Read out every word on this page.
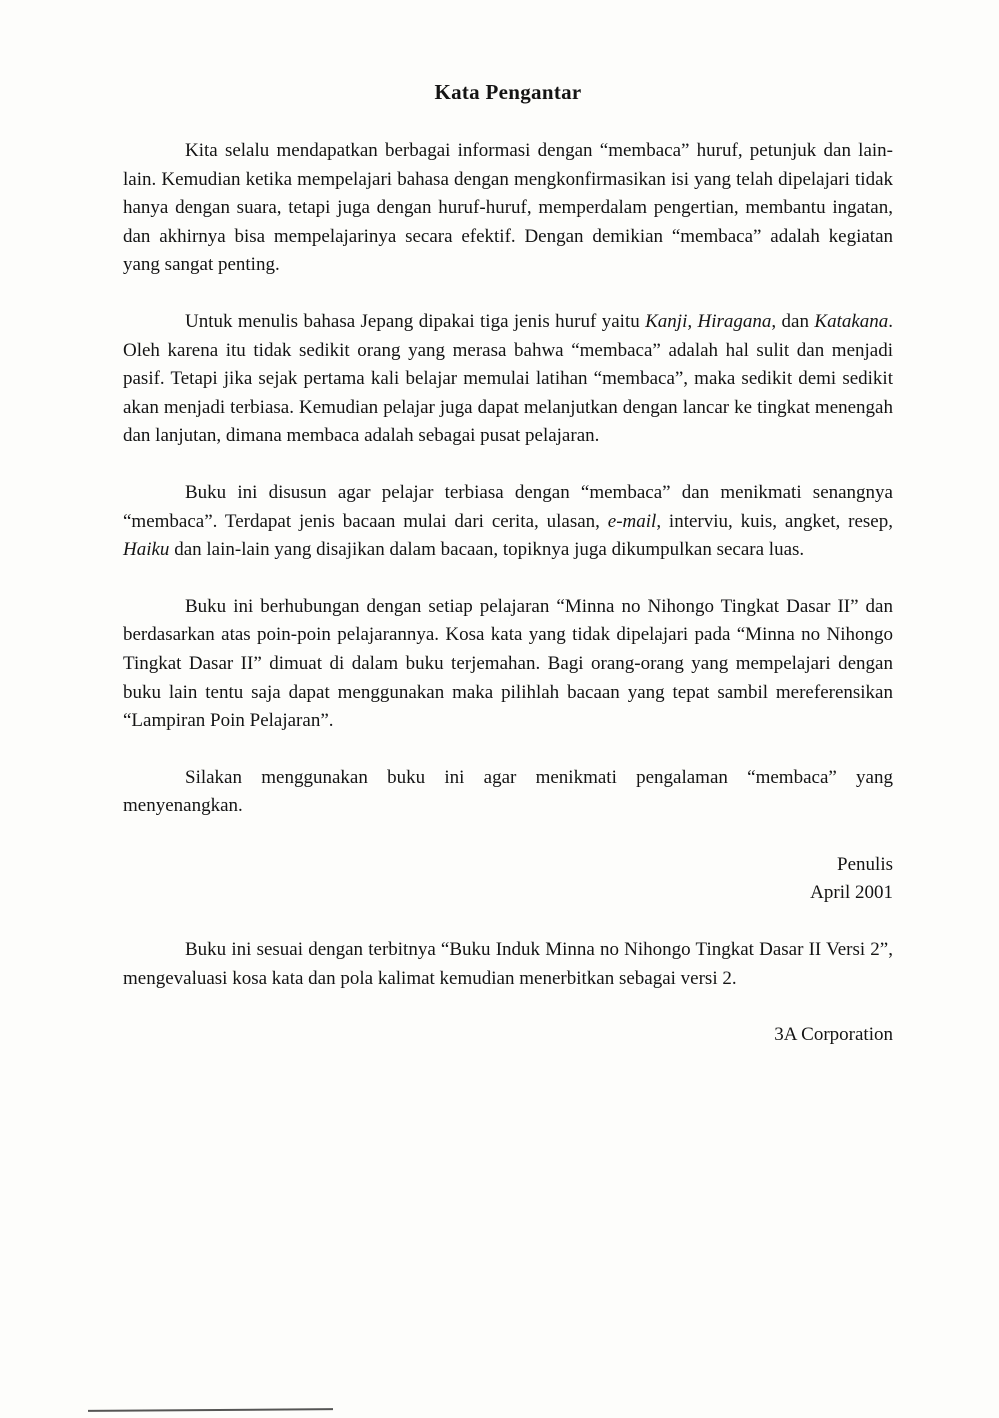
Kata Pengantar

Kita selalu mendapatkan berbagai informasi dengan “membaca” huruf, petunjuk dan lain-lain. Kemudian ketika mempelajari bahasa dengan mengkonfirmasikan isi yang telah dipelajari tidak hanya dengan suara, tetapi juga dengan huruf-huruf, memperdalam pengertian, membantu ingatan, dan akhirnya bisa mempelajarinya secara efektif. Dengan demikian “membaca” adalah kegiatan yang sangat penting.

Untuk menulis bahasa Jepang dipakai tiga jenis huruf yaitu Kanji, Hiragana, dan Katakana. Oleh karena itu tidak sedikit orang yang merasa bahwa “membaca” adalah hal sulit dan menjadi pasif. Tetapi jika sejak pertama kali belajar memulai latihan “membaca”, maka sedikit demi sedikit akan menjadi terbiasa. Kemudian pelajar juga dapat melanjutkan dengan lancar ke tingkat menengah dan lanjutan, dimana membaca adalah sebagai pusat pelajaran.

Buku ini disusun agar pelajar terbiasa dengan “membaca” dan menikmati senangnya “membaca”. Terdapat jenis bacaan mulai dari cerita, ulasan, e-mail, interviu, kuis, angket, resep, Haiku dan lain-lain yang disajikan dalam bacaan, topiknya juga dikumpulkan secara luas.

Buku ini berhubungan dengan setiap pelajaran “Minna no Nihongo Tingkat Dasar II” dan berdasarkan atas poin-poin pelajarannya. Kosa kata yang tidak dipelajari pada “Minna no Nihongo Tingkat Dasar II” dimuat di dalam buku terjemahan. Bagi orang-orang yang mempelajari dengan buku lain tentu saja dapat menggunakan maka pilihlah bacaan yang tepat sambil mereferensikan “Lampiran Poin Pelajaran”.

Silakan menggunakan buku ini agar menikmati pengalaman “membaca” yang menyenangkan.

Penulis
April 2001

Buku ini sesuai dengan terbitnya “Buku Induk Minna no Nihongo Tingkat Dasar II Versi 2”, mengevaluasi kosa kata dan pola kalimat kemudian menerbitkan sebagai versi 2.

3A Corporation
